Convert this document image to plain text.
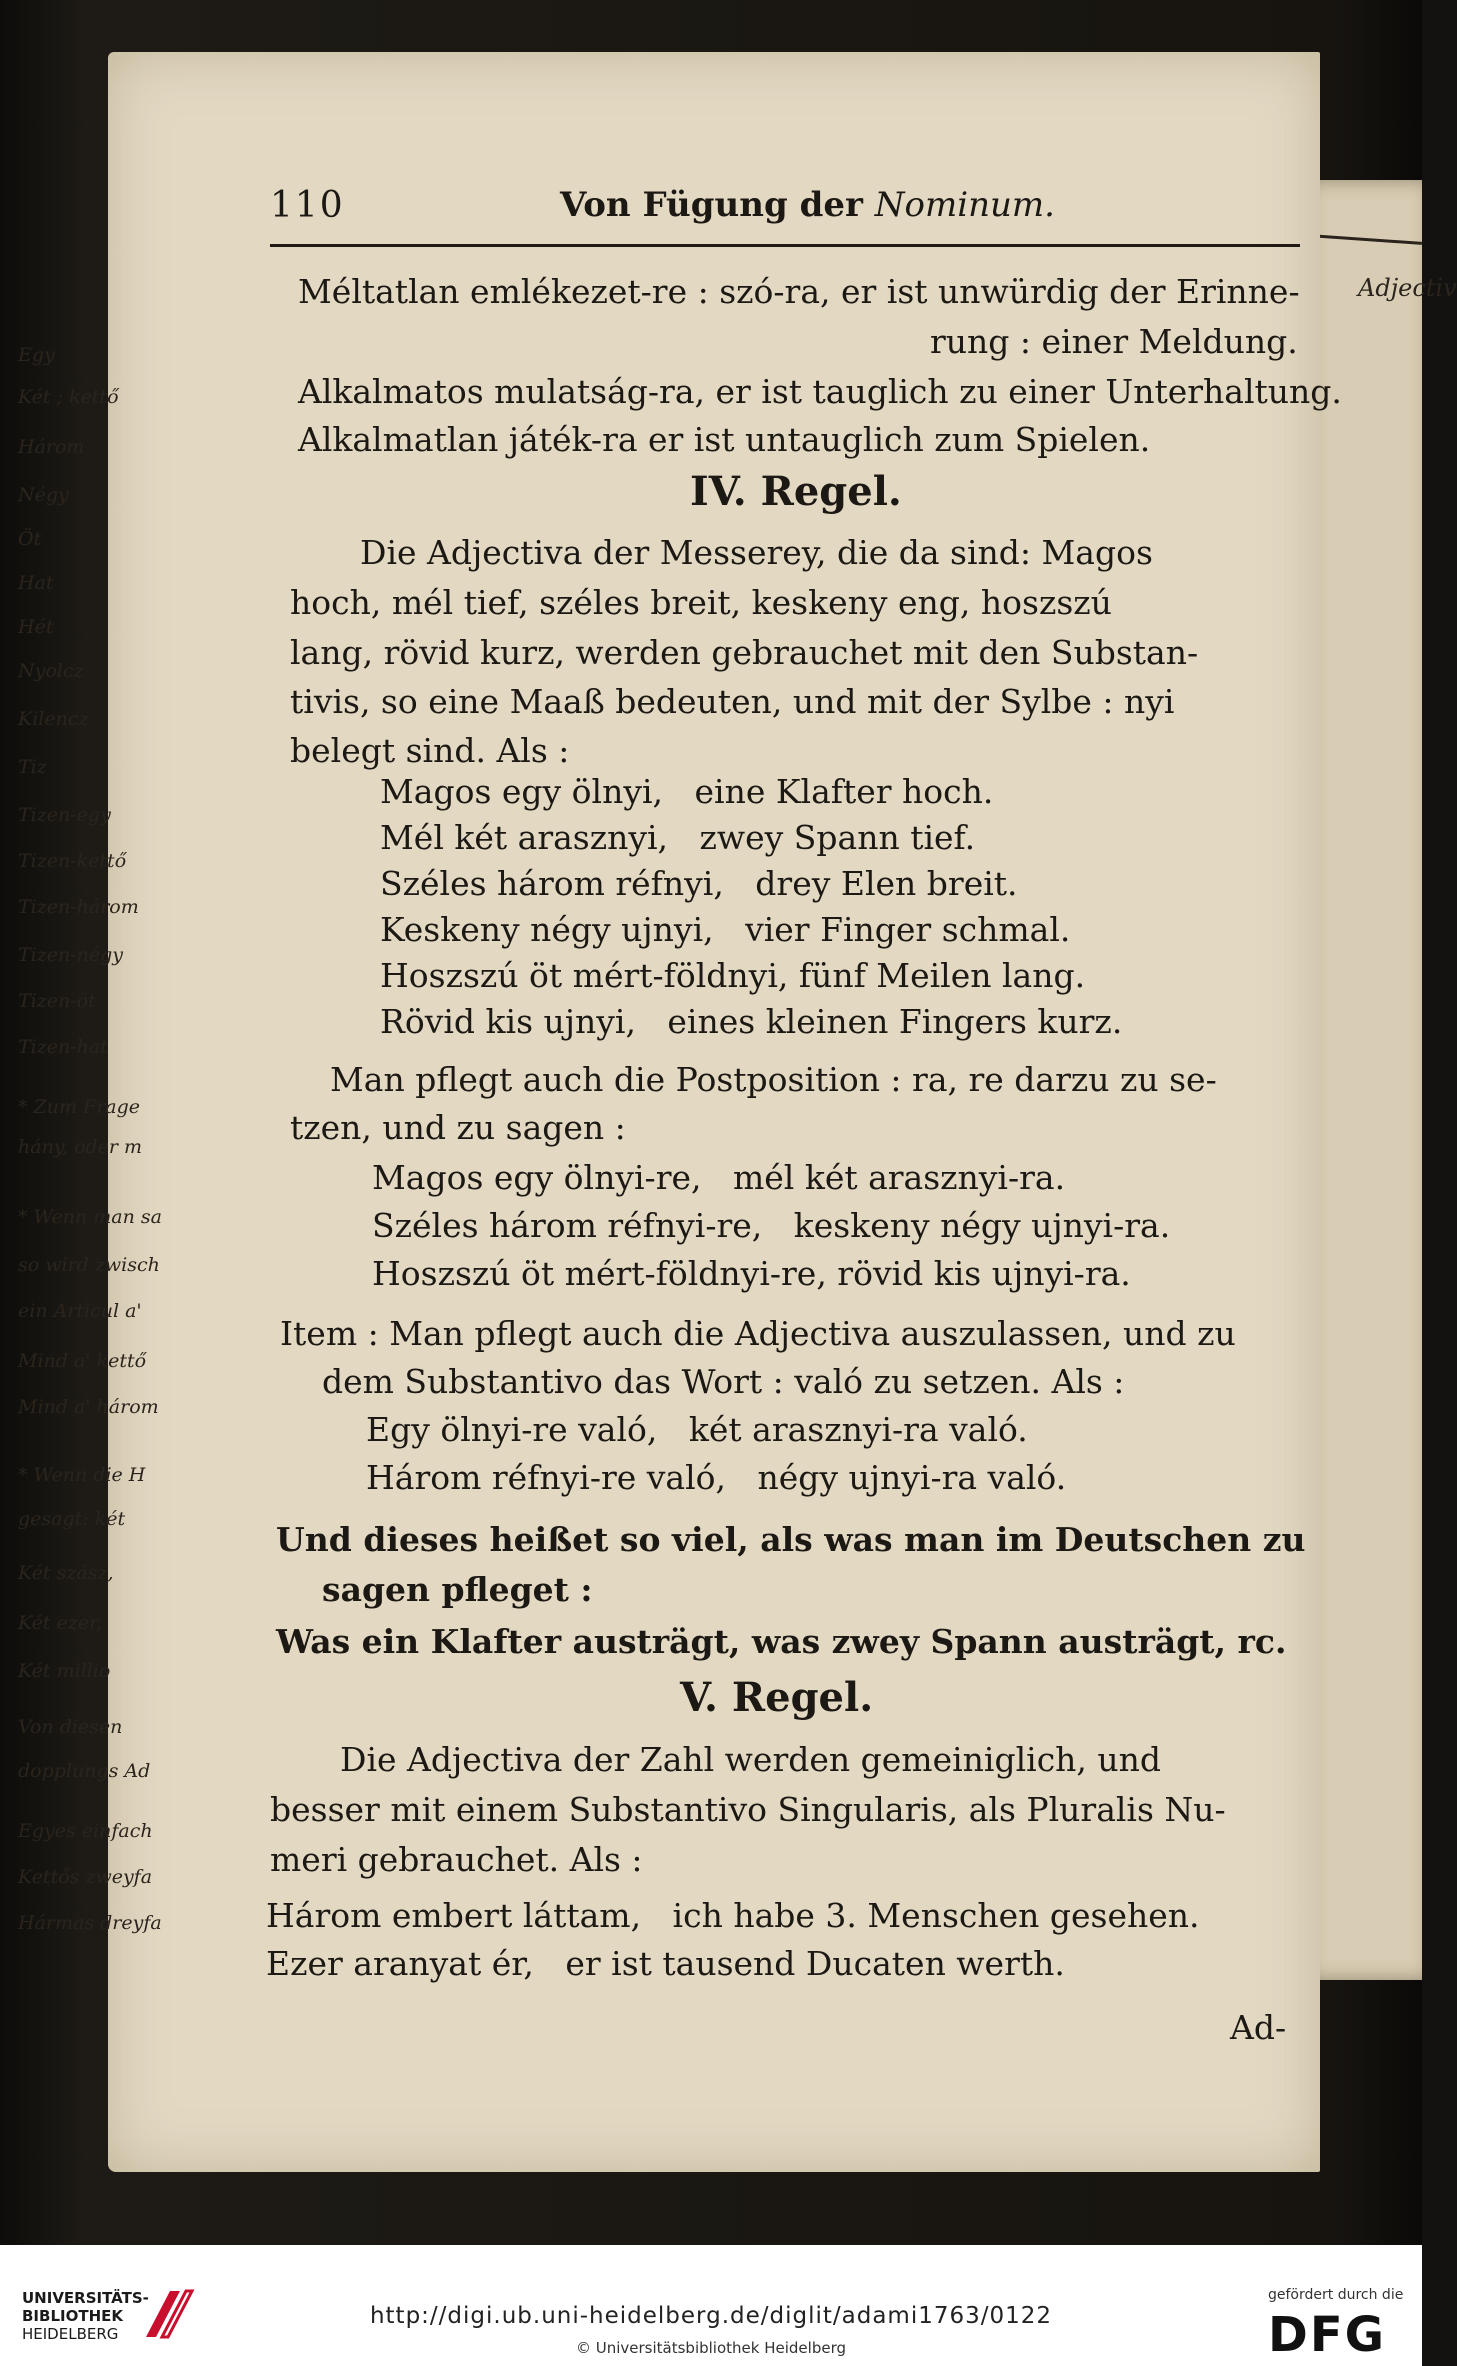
Adjectiv
110	Von Fügung der Nominum.
Méltatlan emlékezet-re : szó-ra, er ist unwürdig der Erinne-
rung : einer Meldung.
Alkalmatos mulatság-ra, er ist tauglich zu einer Unterhaltung.
Alkalmatlan játék-ra er ist untauglich zum Spielen.
IV. Regel.
Die Adjectiva der Messerey, die da sind: Magos
hoch, mél tief, széles breit, keskeny eng, hoszszú
lang, rövid kurz, werden gebrauchet mit den Substan-
tivis, so eine Maaß bedeuten, und mit der Sylbe : nyi
belegt sind. Als :
Magos egy ölnyi,   eine Klafter hoch.
Mél két arasznyi,   zwey Spann tief.
Széles három réfnyi,   drey Elen breit.
Keskeny négy ujnyi,   vier Finger schmal.
Hoszszú öt mért-földnyi, fünf Meilen lang.
Rövid kis ujnyi,   eines kleinen Fingers kurz.
Man pflegt auch die Postposition : ra, re darzu zu se-
tzen, und zu sagen :
Magos egy ölnyi-re,   mél két arasznyi-ra.
Széles három réfnyi-re,   keskeny négy ujnyi-ra.
Hoszszú öt mért-földnyi-re, rövid kis ujnyi-ra.
Item : Man pflegt auch die Adjectiva auszulassen, und zu
dem Substantivo das Wort : való zu setzen. Als :
Egy ölnyi-re való,   két arasznyi-ra való.
Három réfnyi-re való,   négy ujnyi-ra való.
Und dieses heißet so viel, als was man im Deutschen zu
sagen pfleget :
Was ein Klafter austrägt, was zwey Spann austrägt, rc.
V. Regel.
Die Adjectiva der Zahl werden gemeiniglich, und
besser mit einem Substantivo Singularis, als Pluralis Nu-
meri gebrauchet. Als :
Három embert láttam,   ich habe 3. Menschen gesehen.
Ezer aranyat ér,   er ist tausend Ducaten werth.
Ad-
Egy
Két ; kettő
Három
Négy
Öt
Hat
Hét
Nyolcz
Kilencz
Tiz
Tizen-egy
Tizen-kettő
Tizen-három
Tizen-négy
Tizen-öt
Tizen-hat
* Zum Frage
hány, oder m
* Wenn man sa
so wird zwisch
ein Articul a'
Mind a' kettő
Mind a' három
* Wenn die H
gesagt: két
Két szász,
Két ezer,
Két millio
Von diesen
dopplungs Ad
Egyes einfach
Kettős zweyfa
Hármas dreyfa
UNIVERSITÄTS-
BIBLIOTHEK
HEIDELBERG
http://digi.ub.uni-heidelberg.de/diglit/adami1763/0122
© Universitätsbibliothek Heidelberg
gefördert durch die
DFG
